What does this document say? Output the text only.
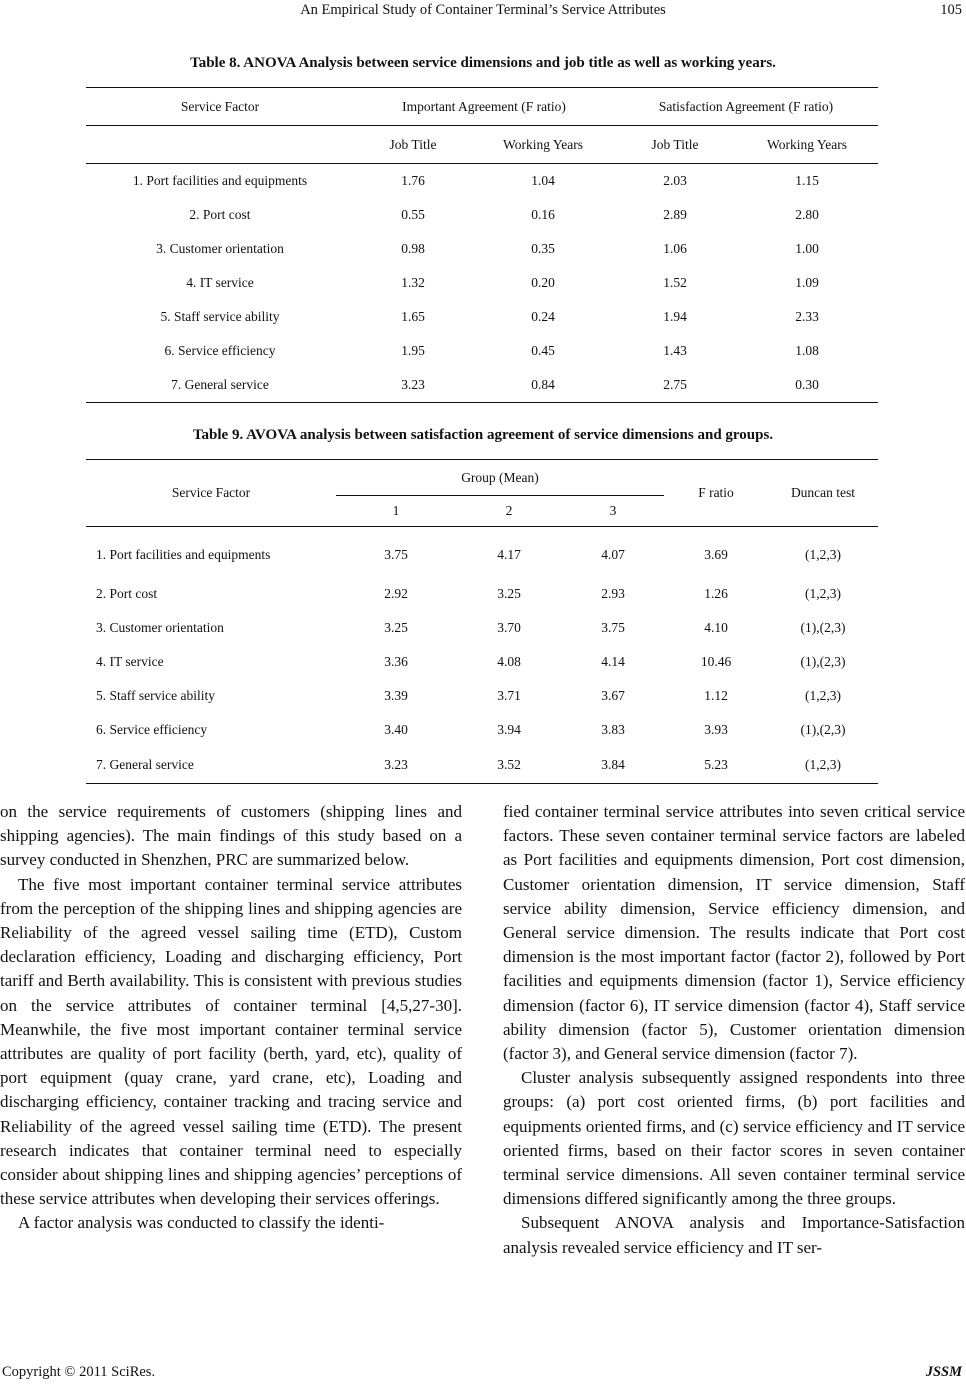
An Empirical Study of Container Terminal’s Service Attributes	105
Table 8. ANOVA Analysis between service dimensions and job title as well as working years.
Service Factor	Important Agreement (F ratio)		Satisfaction Agreement (F ratio)	
	Job Title	Working Years	Job Title	Working Years
1. Port facilities and equipments	1.76	1.04	2.03	1.15
2. Port cost	0.55	0.16	2.89	2.80
3. Customer orientation	0.98	0.35	1.06	1.00
4. IT service	1.32	0.20	1.52	1.09
5. Staff service ability	1.65	0.24	1.94	2.33
6. Service efficiency	1.95	0.45	1.43	1.08
7. General service	3.23	0.84	2.75	0.30
Table 9. AVOVA analysis between satisfaction agreement of service dimensions and groups.
Service Factor	Group (Mean)			F ratio	Duncan test
	1	2	3		
1. Port facilities and equipments	3.75	4.17	4.07	3.69	(1,2,3)
2. Port cost	2.92	3.25	2.93	1.26	(1,2,3)
3. Customer orientation	3.25	3.70	3.75	4.10	(1),(2,3)
4. IT service	3.36	4.08	4.14	10.46	(1),(2,3)
5. Staff service ability	3.39	3.71	3.67	1.12	(1,2,3)
6. Service efficiency	3.40	3.94	3.83	3.93	(1),(2,3)
7. General service	3.23	3.52	3.84	5.23	(1,2,3)

on the service requirements of customers (shipping lines and shipping agencies). The main findings of this study based on a survey conducted in Shenzhen, PRC are summarized below.

The five most important container terminal service attributes from the perception of the shipping lines and shipping agencies are Reliability of the agreed vessel sailing time (ETD), Custom declaration efficiency, Loading and discharging efficiency, Port tariff and Berth availability. This is consistent with previous studies on the service attributes of container terminal [4,5,27-30]. Meanwhile, the five most important container terminal service attributes are quality of port facility (berth, yard, etc), quality of port equipment (quay crane, yard crane, etc), Loading and discharging efficiency, container tracking and tracing service and Reliability of the agreed vessel sailing time (ETD). The present research indicates that container terminal need to especially consider about shipping lines and shipping agencies’ perceptions of these service attributes when developing their services offerings.

A factor analysis was conducted to classify the identi-

fied container terminal service attributes into seven critical service factors. These seven container terminal service factors are labeled as Port facilities and equipments dimension, Port cost dimension, Customer orientation dimension, IT service dimension, Staff service ability dimension, Service efficiency dimension, and General service dimension. The results indicate that Port cost dimension is the most important factor (factor 2), followed by Port facilities and equipments dimension (factor 1), Service efficiency dimension (factor 6), IT service dimension (factor 4), Staff service ability dimension (factor 5), Customer orientation dimension (factor 3), and General service dimension (factor 7).

Cluster analysis subsequently assigned respondents into three groups: (a) port cost oriented firms, (b) port facilities and equipments oriented firms, and (c) service efficiency and IT service oriented firms, based on their factor scores in seven container terminal service dimensions. All seven container terminal service dimensions differed significantly among the three groups.

Subsequent ANOVA analysis and Importance-Satisfaction analysis revealed service efficiency and IT ser-

Copyright © 2011 SciRes.	JSSM
